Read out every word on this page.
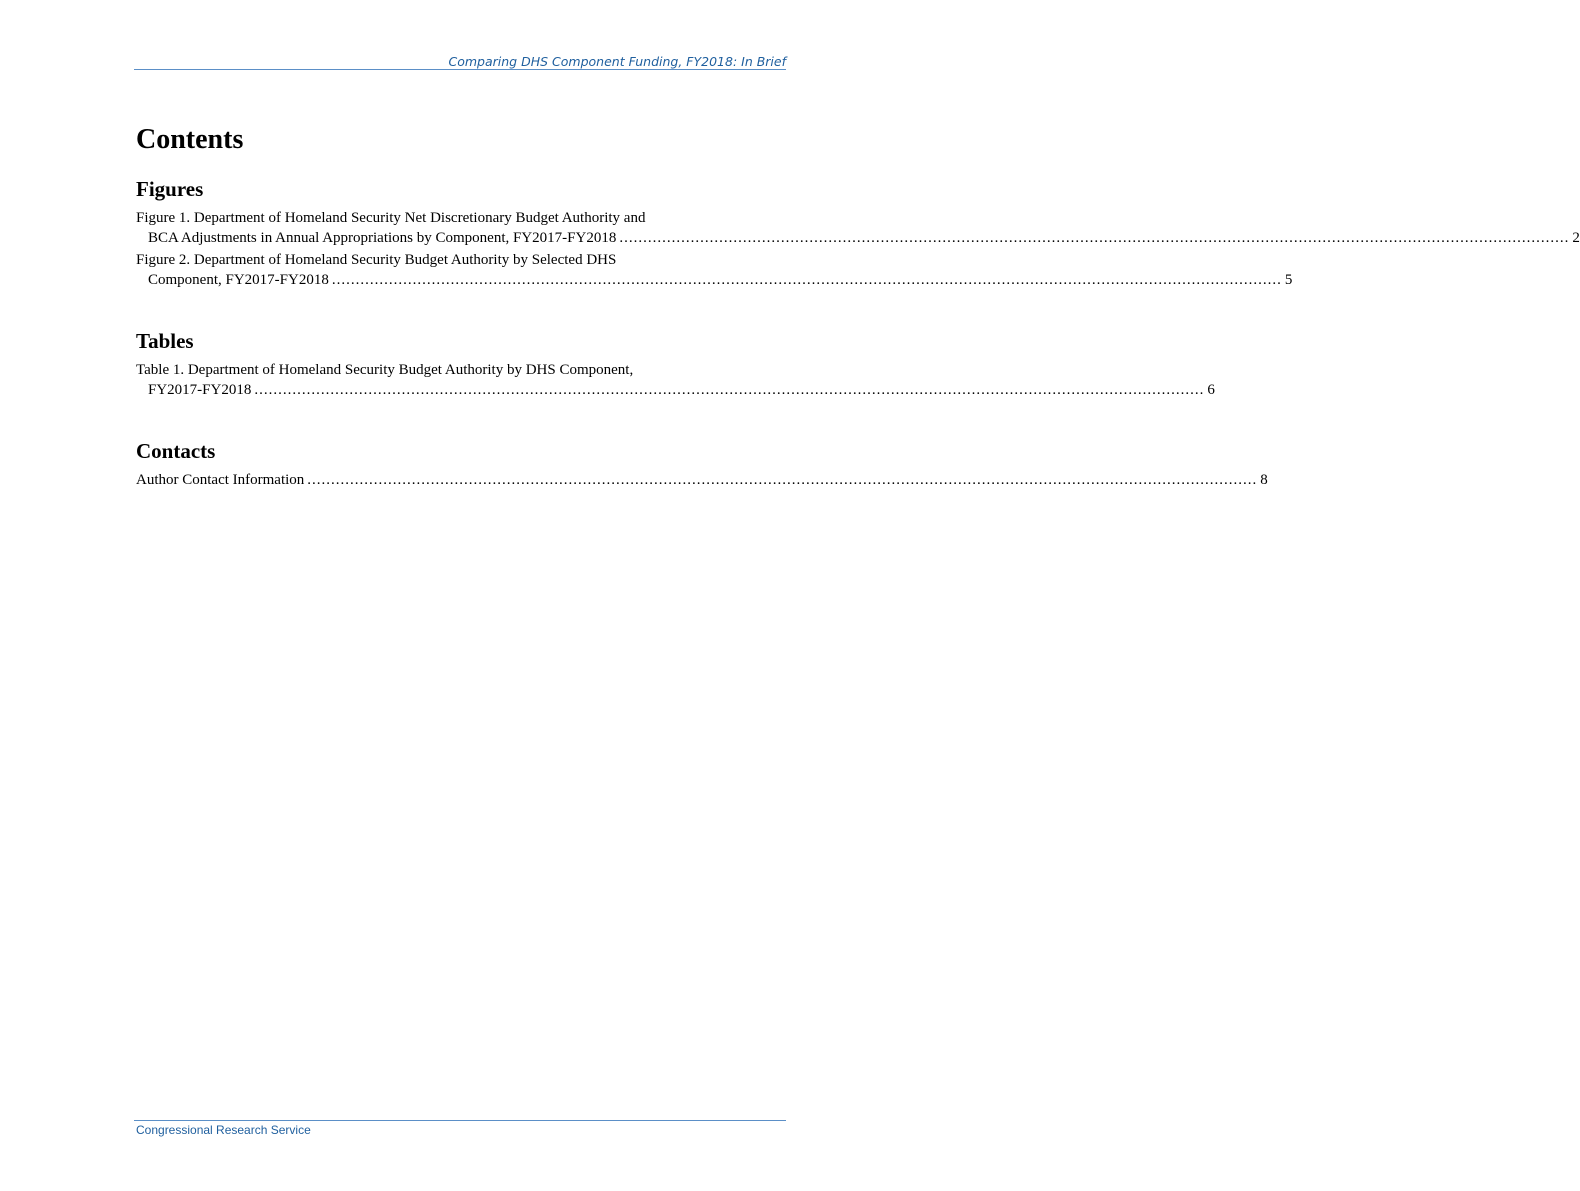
Comparing DHS Component Funding, FY2018: In Brief
Contents
Figures
Figure 1. Department of Homeland Security Net Discretionary Budget Authority and
BCA Adjustments in Annual Appropriations by Component, FY2017-FY2018 ........................................................................................................................................................................................................ 2
Figure 2. Department of Homeland Security Budget Authority by Selected DHS
Component, FY2017-FY2018 ........................................................................................................................................................................................................ 5
Tables
Table 1. Department of Homeland Security Budget Authority by DHS Component,
FY2017-FY2018 ........................................................................................................................................................................................................ 6
Contacts
Author Contact Information ........................................................................................................................................................................................................ 8
Congressional Research Service
